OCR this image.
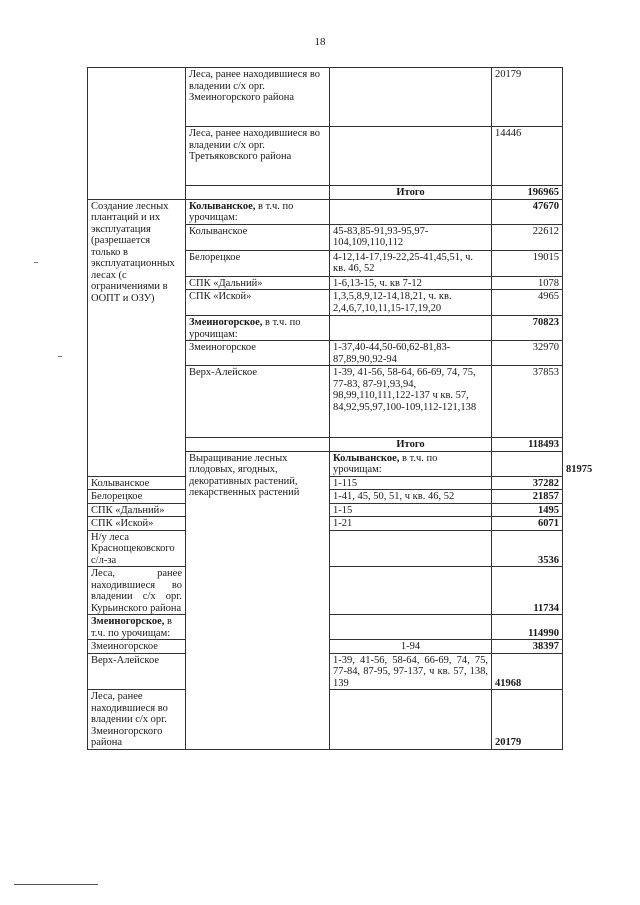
18
	Леса, ранее находившиеся во владении с/х орг. Змеиногорского района		20179	
	Леса, ранее находившиеся во владении с/х орг. Третьяковского района		14446	
		Итого	196965	
Создание лесных плантаций и их эксплуатация (разрешается только в эксплуатационных лесах (с ограничениями в ООПТ и ОЗУ)	Колыванское, в т.ч. по урочищам:		47670	
	Колыванское	45-83,85-91,93-95,97-104,109,110,112	22612	
	Белорецкое	4-12,14-17,19-22,25-41,45,51, ч. кв. 46, 52	19015	
	СПК «Дальний»	1-6,13-15, ч. кв 7-12	1078	
	СПК «Иской»	1,3,5,8,9,12-14,18,21, ч. кв. 2,4,6,7,10,11,15-17,19,20	4965	
	Змеиногорское, в т.ч. по урочищам:		70823	
	Змеиногорское	1-37,40-44,50-60,62-81,83-87,89,90,92-94	32970	
	Верх-Алейское	1-39, 41-56, 58-64, 66-69, 74, 75, 77-83, 87-91,93,94, 98,99,110,111,122-137 ч кв. 57, 84,92,95,97,100-109,112-121,138	37853	
		Итого	118493	
	Выращивание лесных плодовых, ягодных, декоративных растений, лекарственных растений	Колыванское, в т.ч. по урочищам:		81975
Колыванское		1-115	37282	
Белорецкое		1-41, 45, 50, 51, ч кв. 46, 52	21857	
СПК «Дальний»		1-15	1495	
СПК «Иской»		1-21	6071	
Н/у леса Краснощековского с/л-за			3536	
Леса, ранее находившиеся во владении с/х орг. Курьинского района			11734	
Змеиногорское, в т.ч. по урочищам:			114990	
Змеиногорское		1-94	38397	
Верх-Алейское		1-39, 41-56, 58-64, 66-69, 74, 75, 77-84, 87-95, 97-137, ч кв. 57, 138, 139	41968	
Леса, ранее находившиеся во владении с/х орг. Змеиногорского района			20179	
